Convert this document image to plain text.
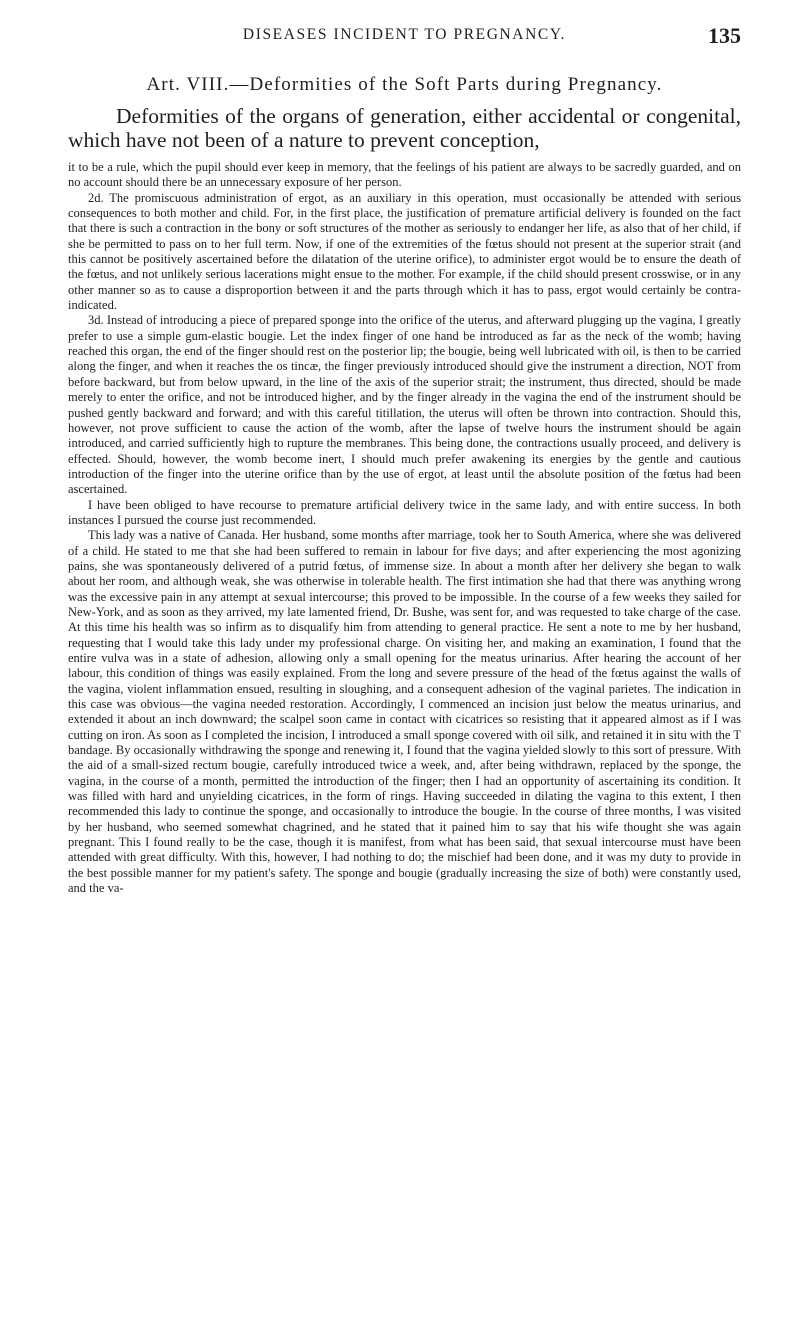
DISEASES INCIDENT TO PREGNANCY.	135
Art. VIII.—Deformities of the Soft Parts during Pregnancy.

Deformities of the organs of generation, either accidental or congenital, which have not been of a nature to prevent conception,

it to be a rule, which the pupil should ever keep in memory, that the feelings of his patient are always to be sacredly guarded, and on no account should there be an unnecessary exposure of her person.

2d. The promiscuous administration of ergot, as an auxiliary in this operation, must occasionally be attended with serious consequences to both mother and child. For, in the first place, the justification of premature artificial delivery is founded on the fact that there is such a contraction in the bony or soft structures of the mother as seriously to endanger her life, as also that of her child, if she be permitted to pass on to her full term. Now, if one of the extremities of the fœtus should not present at the superior strait (and this cannot be positively ascertained before the dilatation of the uterine orifice), to administer ergot would be to ensure the death of the fœtus, and not unlikely serious lacerations might ensue to the mother. For example, if the child should present crosswise, or in any other manner so as to cause a disproportion between it and the parts through which it has to pass, ergot would certainly be contra-indicated.

3d. Instead of introducing a piece of prepared sponge into the orifice of the uterus, and afterward plugging up the vagina, I greatly prefer to use a simple gum-elastic bougie. Let the index finger of one hand be introduced as far as the neck of the womb; having reached this organ, the end of the finger should rest on the posterior lip; the bougie, being well lubricated with oil, is then to be carried along the finger, and when it reaches the os tincæ, the finger previously introduced should give the instrument a direction, NOT from before backward, but from below upward, in the line of the axis of the superior strait; the instrument, thus directed, should be made merely to enter the orifice, and not be introduced higher, and by the finger already in the vagina the end of the instrument should be pushed gently backward and forward; and with this careful titillation, the uterus will often be thrown into contraction. Should this, however, not prove sufficient to cause the action of the womb, after the lapse of twelve hours the instrument should be again introduced, and carried sufficiently high to rupture the membranes. This being done, the contractions usually proceed, and delivery is effected. Should, however, the womb become inert, I should much prefer awakening its energies by the gentle and cautious introduction of the finger into the uterine orifice than by the use of ergot, at least until the absolute position of the fœtus had been ascertained.

I have been obliged to have recourse to premature artificial delivery twice in the same lady, and with entire success. In both instances I pursued the course just recommended.

This lady was a native of Canada. Her husband, some months after marriage, took her to South America, where she was delivered of a child. He stated to me that she had been suffered to remain in labour for five days; and after experiencing the most agonizing pains, she was spontaneously delivered of a putrid fœtus, of immense size. In about a month after her delivery she began to walk about her room, and although weak, she was otherwise in tolerable health. The first intimation she had that there was anything wrong was the excessive pain in any attempt at sexual intercourse; this proved to be impossible. In the course of a few weeks they sailed for New-York, and as soon as they arrived, my late lamented friend, Dr. Bushe, was sent for, and was requested to take charge of the case. At this time his health was so infirm as to disqualify him from attending to general practice. He sent a note to me by her husband, requesting that I would take this lady under my professional charge. On visiting her, and making an examination, I found that the entire vulva was in a state of adhesion, allowing only a small opening for the meatus urinarius. After hearing the account of her labour, this condition of things was easily explained. From the long and severe pressure of the head of the fœtus against the walls of the vagina, violent inflammation ensued, resulting in sloughing, and a consequent adhesion of the vaginal parietes. The indication in this case was obvious—the vagina needed restoration. Accordingly, I commenced an incision just below the meatus urinarius, and extended it about an inch downward; the scalpel soon came in contact with cicatrices so resisting that it appeared almost as if I was cutting on iron. As soon as I completed the incision, I introduced a small sponge covered with oil silk, and retained it in situ with the T bandage. By occasionally withdrawing the sponge and renewing it, I found that the vagina yielded slowly to this sort of pressure. With the aid of a small-sized rectum bougie, carefully introduced twice a week, and, after being withdrawn, replaced by the sponge, the vagina, in the course of a month, permitted the introduction of the finger; then I had an opportunity of ascertaining its condition. It was filled with hard and unyielding cicatrices, in the form of rings. Having succeeded in dilating the vagina to this extent, I then recommended this lady to continue the sponge, and occasionally to introduce the bougie. In the course of three months, I was visited by her husband, who seemed somewhat chagrined, and he stated that it pained him to say that his wife thought she was again pregnant. This I found really to be the case, though it is manifest, from what has been said, that sexual intercourse must have been attended with great difficulty. With this, however, I had nothing to do; the mischief had been done, and it was my duty to provide in the best possible manner for my patient's safety. The sponge and bougie (gradually increasing the size of both) were constantly used, and the va-
